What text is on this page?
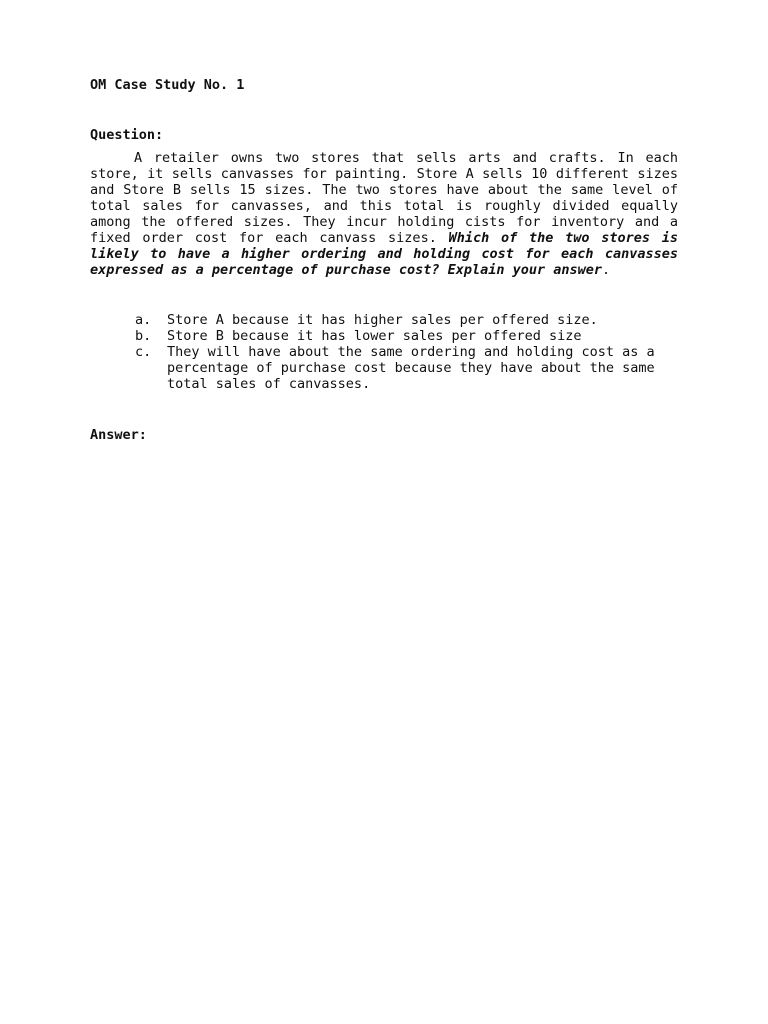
OM Case Study No. 1

Question:

A retailer owns two stores that sells arts and crafts. In each store, it sells canvasses for painting. Store A sells 10 different sizes and Store B sells 15 sizes. The two stores have about the same level of total sales for canvasses, and this total is roughly divided equally among the offered sizes. They incur holding cists for inventory and a fixed order cost for each canvass sizes. Which of the two stores is likely to have a higher ordering and holding cost for each canvasses expressed as a percentage of purchase cost? Explain your answer.

a.	Store A because it has higher sales per offered size.
b.	Store B because it has lower sales per offered size
c.	They will have about the same ordering and holding cost as a percentage of purchase cost because they have about the same total sales of canvasses.

Answer:
